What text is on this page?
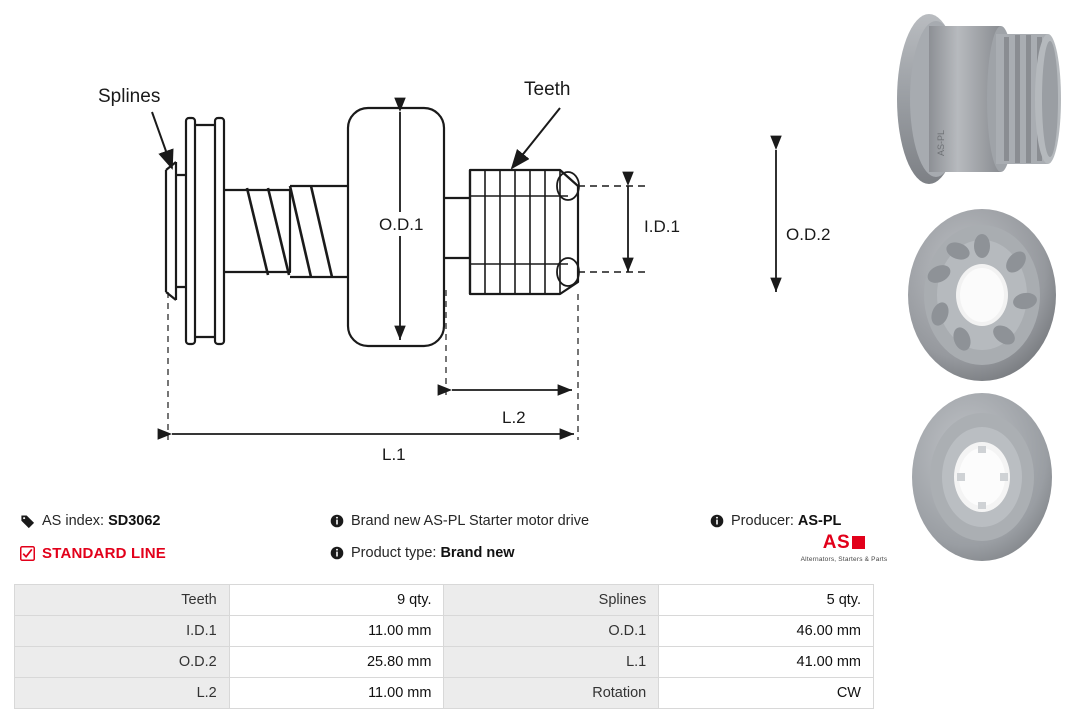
Splines	Teeth
O.D.1	I.D.1	O.D.2
L.2
L.1
AS-PL
AS index: SD3062	Brand new AS-PL Starter motor drive	Producer: AS-PL
STANDARD LINE	Product type: Brand new	AS
Alternators, Starters & Parts
Teeth	9 qty.	Splines	5 qty.
I.D.1	11.00 mm	O.D.1	46.00 mm
O.D.2	25.80 mm	L.1	41.00 mm
L.2	11.00 mm	Rotation	CW
